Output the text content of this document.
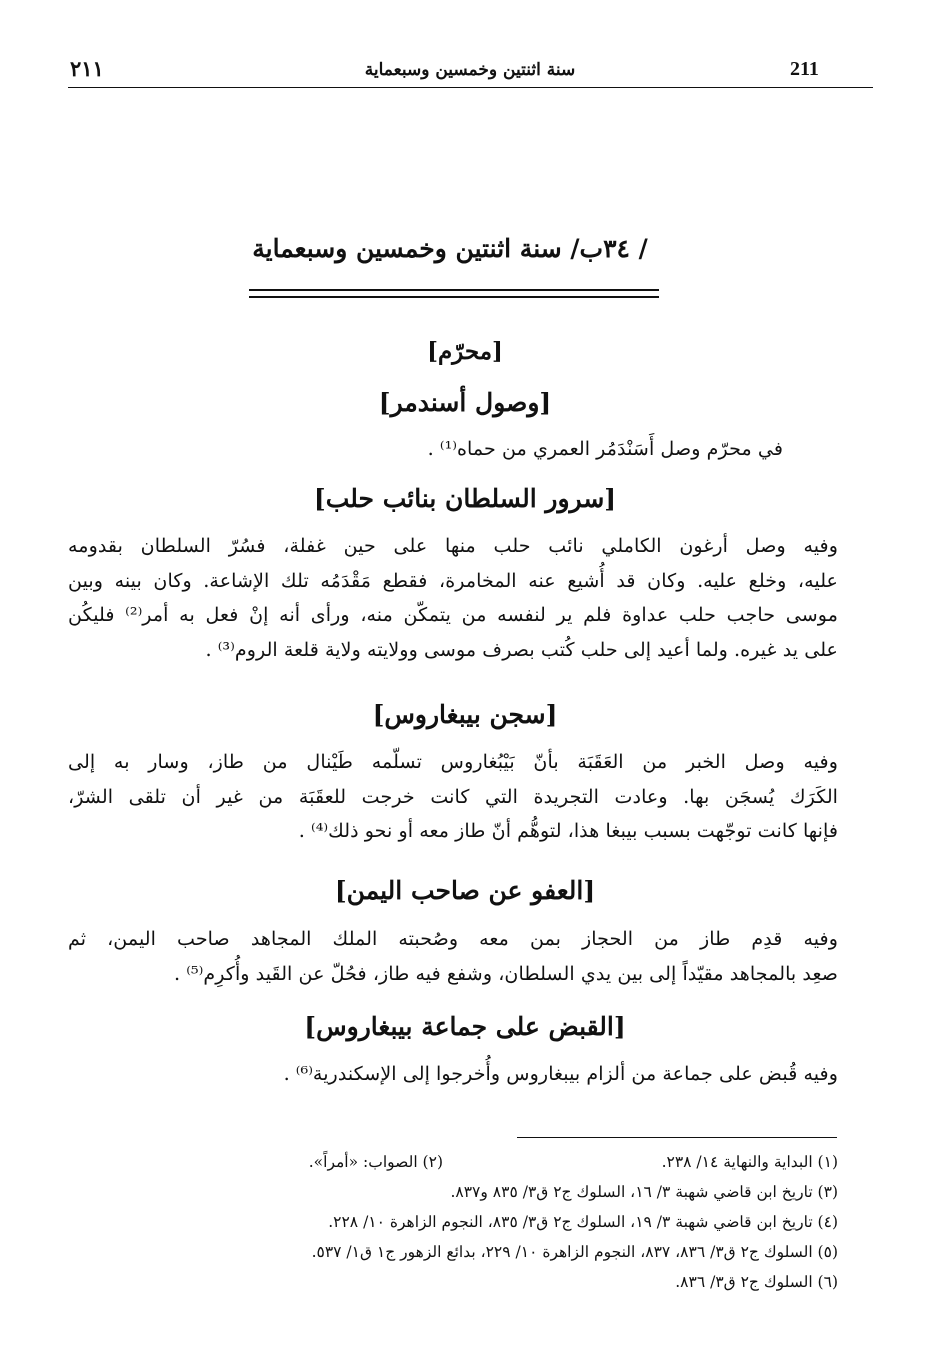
211
سنة اثنتين وخمسين وسبعماية
٢١١
/ ٣٤ب/ سنة اثنتين وخمسين وسبعماية
[محرّم]
[وصول أسندمر]
في محرّم وصل أَسَنْدَمُر العمري من حماه⁽¹⁾ .
[سرور السلطان بنائب حلب]
وفيه وصل أرغون الكاملي نائب حلب منها على حين غفلة، فسُرّ السلطان بقدومه
عليه، وخلع عليه. وكان قد أُشيع عنه المخامرة، فقطع مَقْدَمُه تلك الإشاعة. وكان بينه وبين
موسى حاجب حلب عداوة فلم ير لنفسه من يتمكّن منه، ورأى أنه إنْ فعل به أمر⁽²⁾ فليكُن
على يد غيره. ولما أعيد إلى حلب كُتب بصرف موسى وولايته ولاية قلعة الروم⁽³⁾ .
[سجن بيبغاروس]
وفيه وصل الخبر من العَقَبَة بأنّ بَيْبُغاروس تسلّمه طَيْنال من طاز، وسار به إلى
الكَرَك يُسجَن بها. وعادت التجريدة التي كانت خرجت للعقَبَة من غير أن تلقى الشرّ،
فإنها كانت توجّهت بسبب بيبغا هذا، لتوهُّم أنّ طاز معه أو نحو ذلك⁽⁴⁾ .
[العفو عن صاحب اليمن]
وفيه قدِم طاز من الحجاز بمن معه وصُحبته الملك المجاهد صاحب اليمن، ثم
صعِد بالمجاهد مقيّداً إلى بين يدي السلطان، وشفع فيه طاز، فحُلّ عن القَيد وأُكرِم⁽⁵⁾ .
[القبض على جماعة بيبغاروس]
وفيه قُبض على جماعة من ألزام بيبغاروس وأُخرجوا إلى الإسكندرية⁽⁶⁾ .
(١) البداية والنهاية ١٤/ ٢٣٨.
(٢) الصواب: «أمراً».
(٣) تاريخ ابن قاضي شهبة ٣/ ١٦، السلوك ج٢ ق٣/ ٨٣٥ و٨٣٧.
(٤) تاريخ ابن قاضي شهبة ٣/ ١٩، السلوك ج٢ ق٣/ ٨٣٥، النجوم الزاهرة ١٠/ ٢٢٨.
(٥) السلوك ج٢ ق٣/ ٨٣٦، ٨٣٧، النجوم الزاهرة ١٠/ ٢٢٩، بدائع الزهور ج١ ق١/ ٥٣٧.
(٦) السلوك ج٢ ق٣/ ٨٣٦.
